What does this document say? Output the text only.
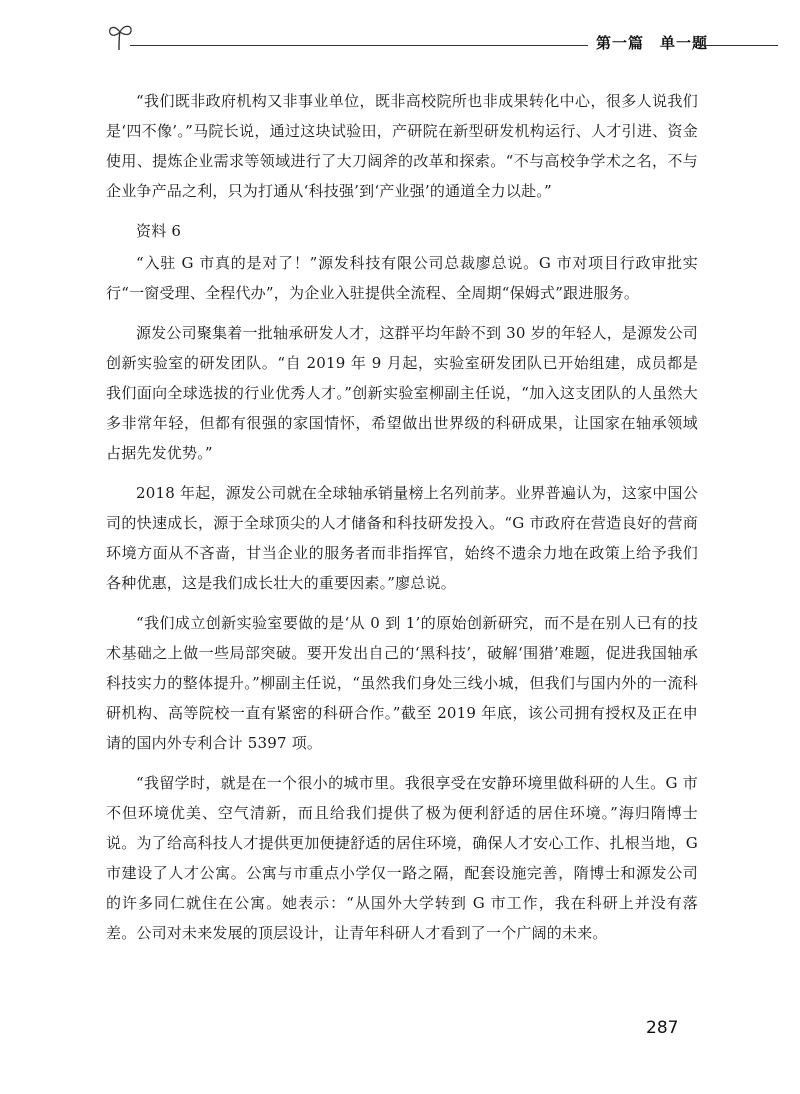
第一篇　单一题

“我们既非政府机构又非事业单位，既非高校院所也非成果转化中心，很多人说我们是‘四不像’。”马院长说，通过这块试验田，产研院在新型研发机构运行、人才引进、资金使用、提炼企业需求等领域进行了大刀阔斧的改革和探索。“不与高校争学术之名，不与企业争产品之利，只为打通从‘科技强’到‘产业强’的通道全力以赴。”

资料 6

“入驻 G 市真的是对了！”源发科技有限公司总裁廖总说。G 市对项目行政审批实行“一窗受理、全程代办”，为企业入驻提供全流程、全周期“保姆式”跟进服务。

源发公司聚集着一批轴承研发人才，这群平均年龄不到 30 岁的年轻人，是源发公司创新实验室的研发团队。“自 2019 年 9 月起，实验室研发团队已开始组建，成员都是我们面向全球选拔的行业优秀人才。”创新实验室柳副主任说，“加入这支团队的人虽然大多非常年轻，但都有很强的家国情怀，希望做出世界级的科研成果，让国家在轴承领域占据先发优势。”

2018 年起，源发公司就在全球轴承销量榜上名列前茅。业界普遍认为，这家中国公司的快速成长，源于全球顶尖的人才储备和科技研发投入。“G 市政府在营造良好的营商环境方面从不吝啬，甘当企业的服务者而非指挥官，始终不遗余力地在政策上给予我们各种优惠，这是我们成长壮大的重要因素。”廖总说。

“我们成立创新实验室要做的是‘从 0 到 1’的原始创新研究，而不是在别人已有的技术基础之上做一些局部突破。要开发出自己的‘黑科技’，破解‘围猎’难题，促进我国轴承科技实力的整体提升。”柳副主任说，“虽然我们身处三线小城，但我们与国内外的一流科研机构、高等院校一直有紧密的科研合作。”截至 2019 年底，该公司拥有授权及正在申请的国内外专利合计 5397 项。

“我留学时，就是在一个很小的城市里。我很享受在安静环境里做科研的人生。G 市不但环境优美、空气清新，而且给我们提供了极为便利舒适的居住环境。”海归隋博士说。为了给高科技人才提供更加便捷舒适的居住环境，确保人才安心工作、扎根当地，G 市建设了人才公寓。公寓与市重点小学仅一路之隔，配套设施完善，隋博士和源发公司的许多同仁就住在公寓。她表示：“从国外大学转到 G 市工作，我在科研上并没有落差。公司对未来发展的顶层设计，让青年科研人才看到了一个广阔的未来。

287
